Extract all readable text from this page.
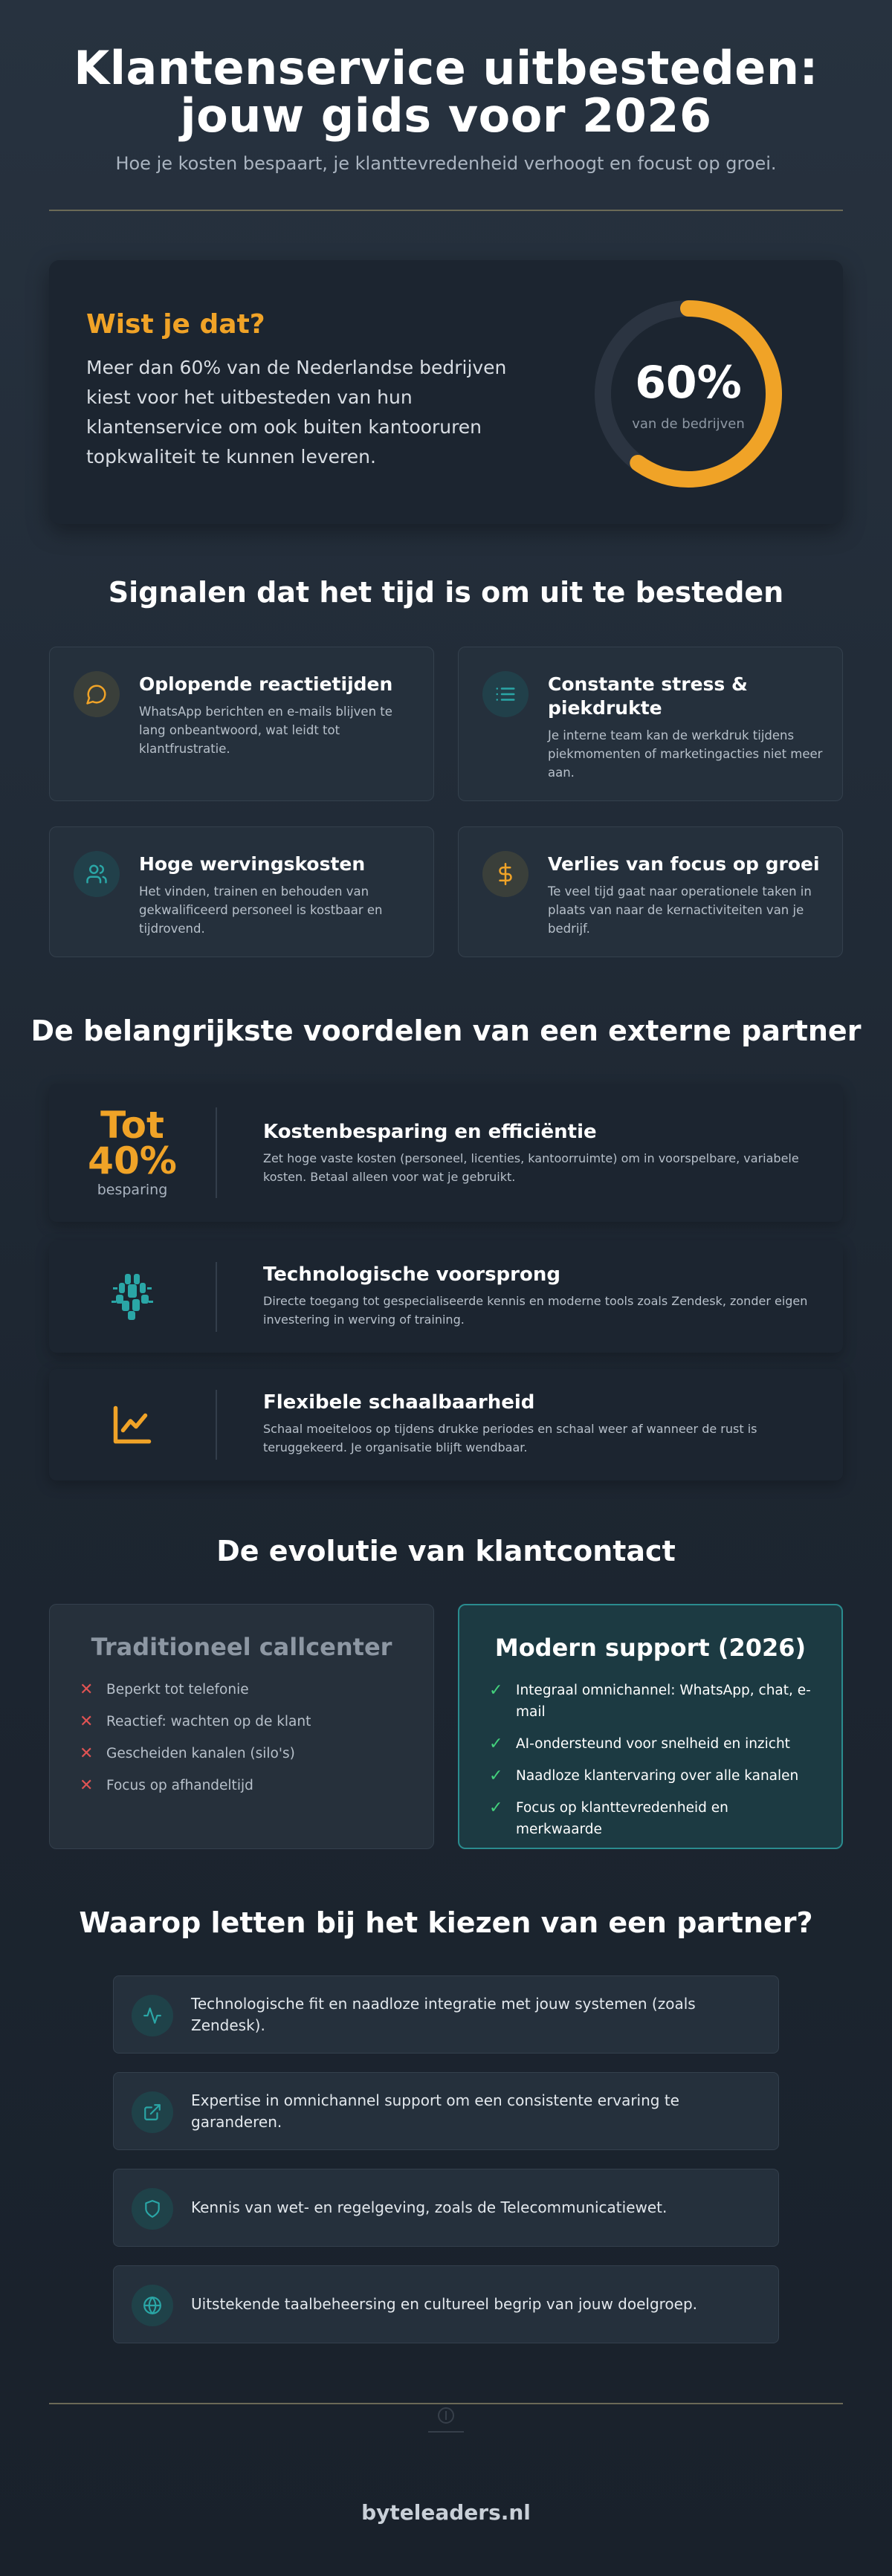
Klantenservice uitbesteden:
jouw gids voor 2026
Hoe je kosten bespaart, je klanttevredenheid verhoogt en focust op groei.
Wist je dat?
Meer dan 60% van de Nederlandse bedrijven kiest voor het uitbesteden van hun klantenservice om ook buiten kantooruren topkwaliteit te kunnen leveren.
60%
van de bedrijven
Signalen dat het tijd is om uit te besteden
Oplopende reactietijden
WhatsApp berichten en e-mails blijven te lang onbeantwoord, wat leidt tot klantfrustratie.
Constante stress & piekdrukte
Je interne team kan de werkdruk tijdens piekmomenten of marketingacties niet meer aan.
Hoge wervingskosten
Het vinden, trainen en behouden van gekwalificeerd personeel is kostbaar en tijdrovend.
Verlies van focus op groei
Te veel tijd gaat naar operationele taken in plaats van naar de kernactiviteiten van je bedrijf.
De belangrijkste voordelen van een externe partner
Tot
40%
besparing
Kostenbesparing en efficiëntie
Zet hoge vaste kosten (personeel, licenties, kantoorruimte) om in voorspelbare, variabele kosten. Betaal alleen voor wat je gebruikt.
Technologische voorsprong
Directe toegang tot gespecialiseerde kennis en moderne tools zoals Zendesk, zonder eigen investering in werving of training.
Flexibele schaalbaarheid
Schaal moeiteloos op tijdens drukke periodes en schaal weer af wanneer de rust is teruggekeerd. Je organisatie blijft wendbaar.
De evolutie van klantcontact
Traditioneel callcenter
✕ Beperkt tot telefonie
✕ Reactief: wachten op de klant
✕ Gescheiden kanalen (silo's)
✕ Focus op afhandeltijd
Modern support (2026)
✓ Integraal omnichannel: WhatsApp, chat, e-mail
✓ AI-ondersteund voor snelheid en inzicht
✓ Naadloze klantervaring over alle kanalen
✓ Focus op klanttevredenheid en merkwaarde
Waarop letten bij het kiezen van een partner?
Technologische fit en naadloze integratie met jouw systemen (zoals Zendesk).
Expertise in omnichannel support om een consistente ervaring te garanderen.
Kennis van wet- en regelgeving, zoals de Telecommunicatiewet.
Uitstekende taalbeheersing en cultureel begrip van jouw doelgroep.
byteleaders.nl
